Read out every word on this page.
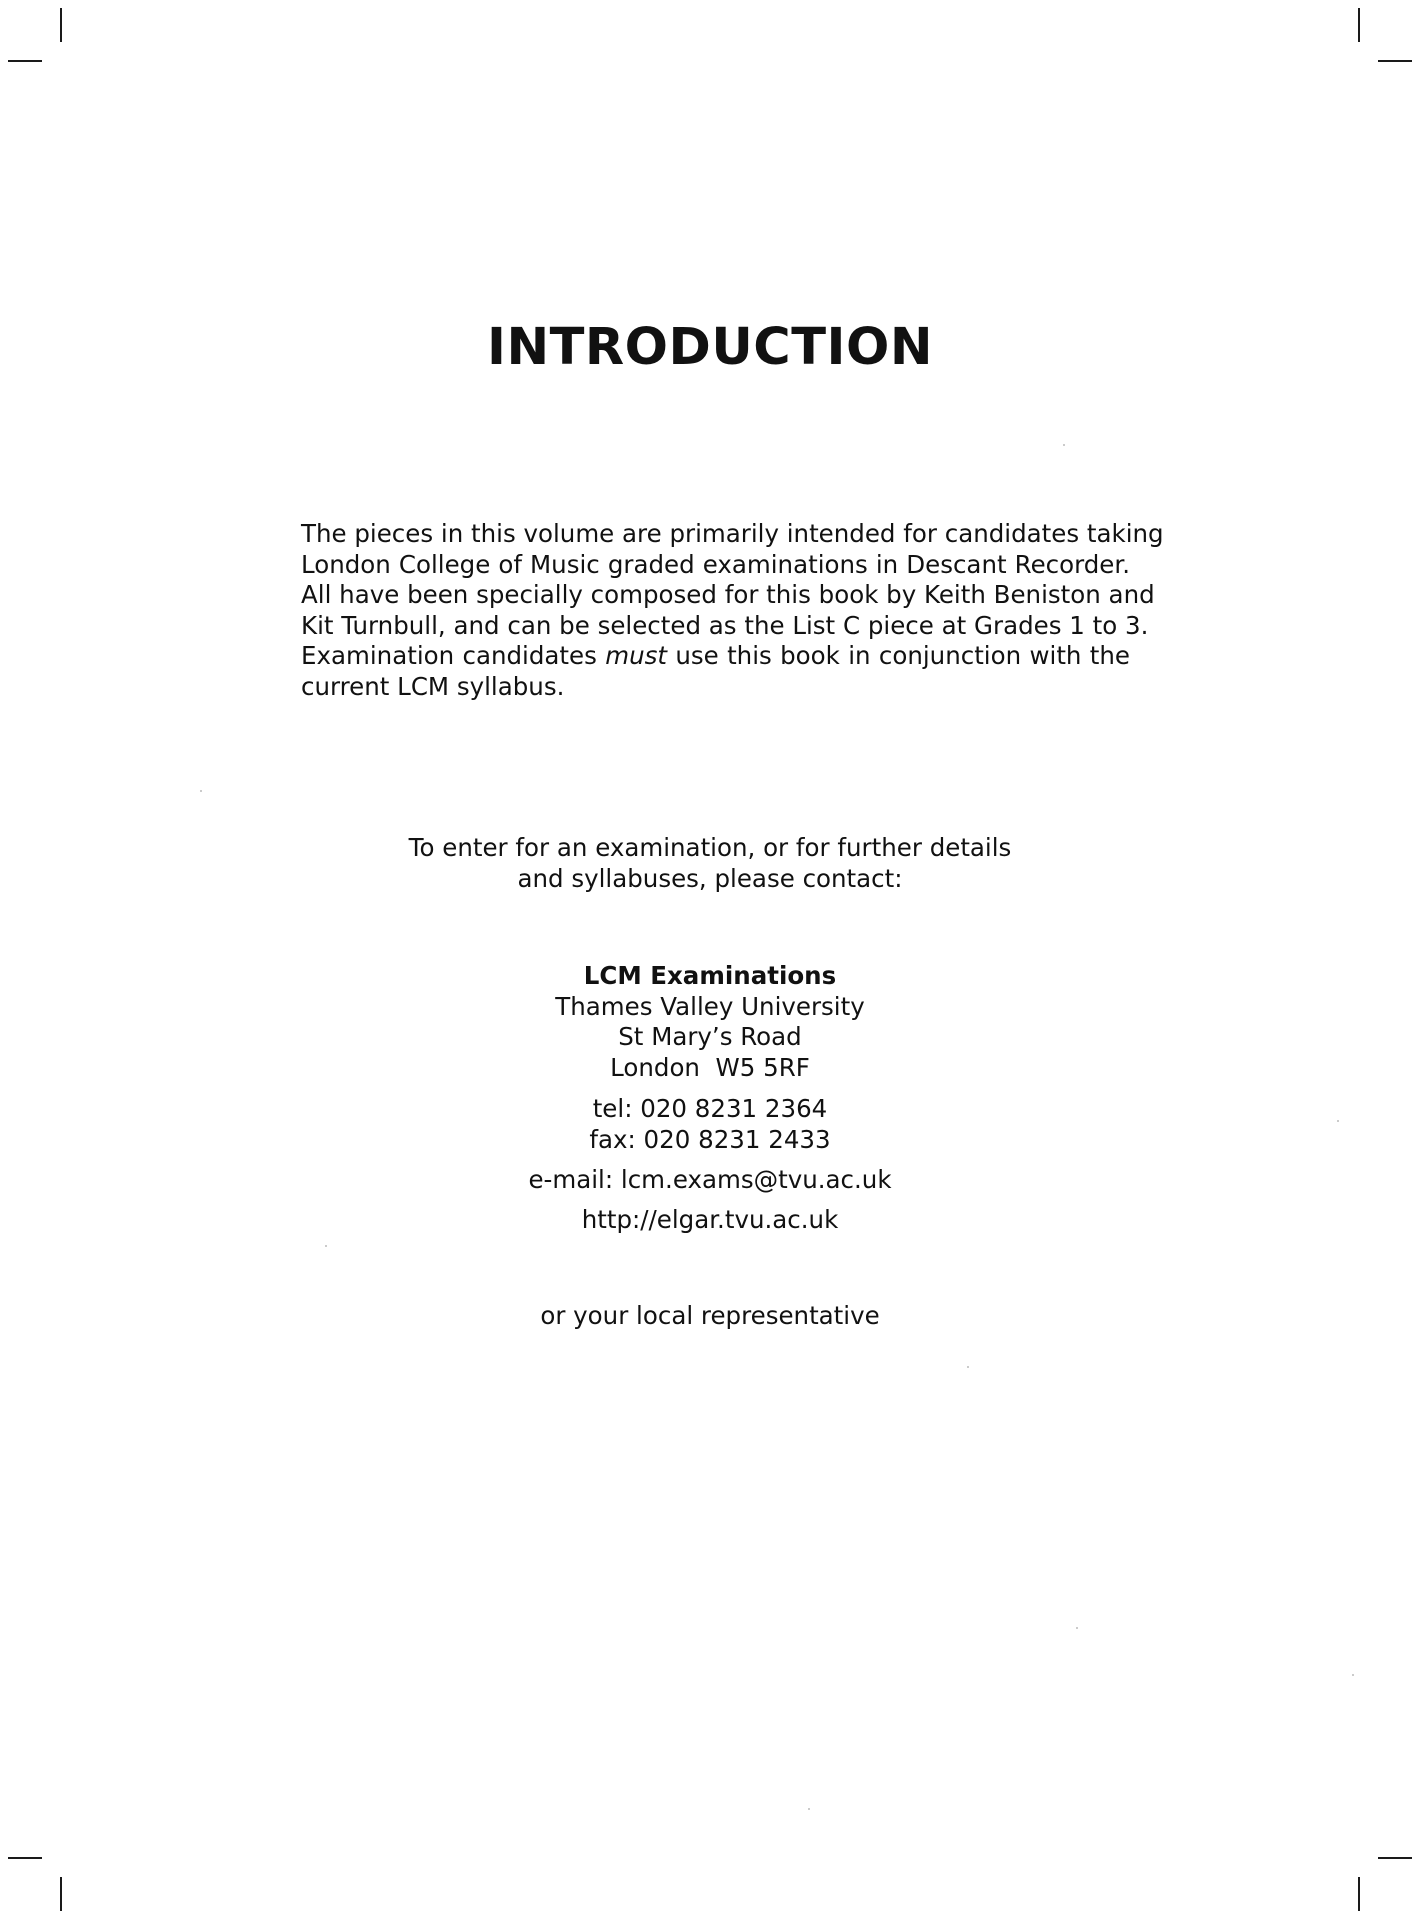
INTRODUCTION

The pieces in this volume are primarily intended for candidates taking
London College of Music graded examinations in Descant Recorder.
All have been specially composed for this book by Keith Beniston and
Kit Turnbull, and can be selected as the List C piece at Grades 1 to 3.
Examination candidates must use this book in conjunction with the
current LCM syllabus.

To enter for an examination, or for further details
and syllabuses, please contact:
LCM Examinations
Thames Valley University
St Mary’s Road
London  W5 5RF
tel: 020 8231 2364
fax: 020 8231 2433
e-mail: lcm.exams@tvu.ac.uk
http://elgar.tvu.ac.uk
or your local representative
